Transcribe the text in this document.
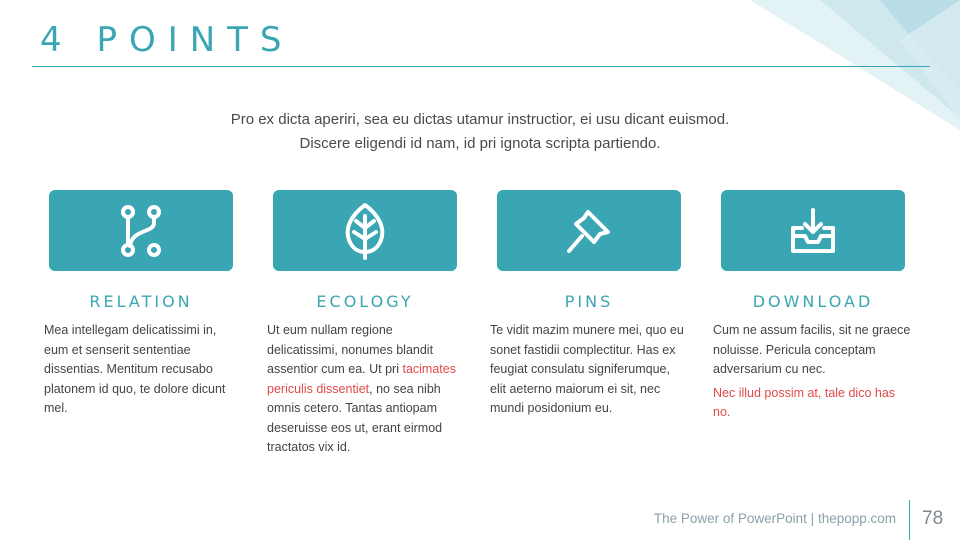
4 POINTS
Pro ex dicta aperiri, sea eu dictas utamur instructior, ei usu dicant euismod.
Discere eligendi id nam, id pri ignota scripta partiendo.
RELATION	ECOLOGY	PINS	DOWNLOAD
Mea intellegam delicatissimi in, eum et senserit sententiae dissentias. Mentitum recusabo platonem id quo, te dolore dicunt mel.
Ut eum nullam regione delicatissimi, nonumes blandit assentior cum ea. Ut pri tacimates periculis dissentiet, no sea nibh omnis cetero. Tantas antiopam deseruisse eos ut, erant eirmod tractatos vix id.
Te vidit mazim munere mei, quo eu sonet fastidii complectitur. Has ex feugiat consulatu signiferumque, elit aeterno maiorum ei sit, nec mundi posidonium eu.
Cum ne assum facilis, sit ne graece noluisse. Pericula conceptam adversarium cu nec.
Nec illud possim at, tale dico has no.
The Power of PowerPoint | thepopp.com 78
